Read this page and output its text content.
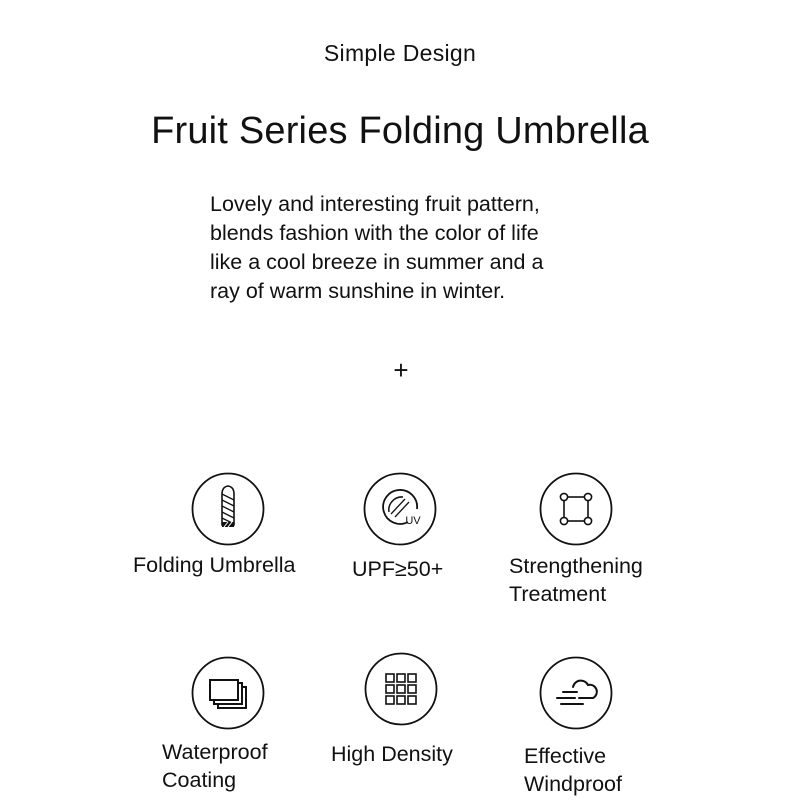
Simple Design
Fruit Series Folding Umbrella
Lovely and interesting fruit pattern,
blends fashion with the color of life
like a cool breeze in summer and a
ray of warm sunshine in winter.
+
Folding Umbrella
UV
UPF≥50+	Strengthening
Treatment
Waterproof
Coating
High Density	Effective
Windproof
